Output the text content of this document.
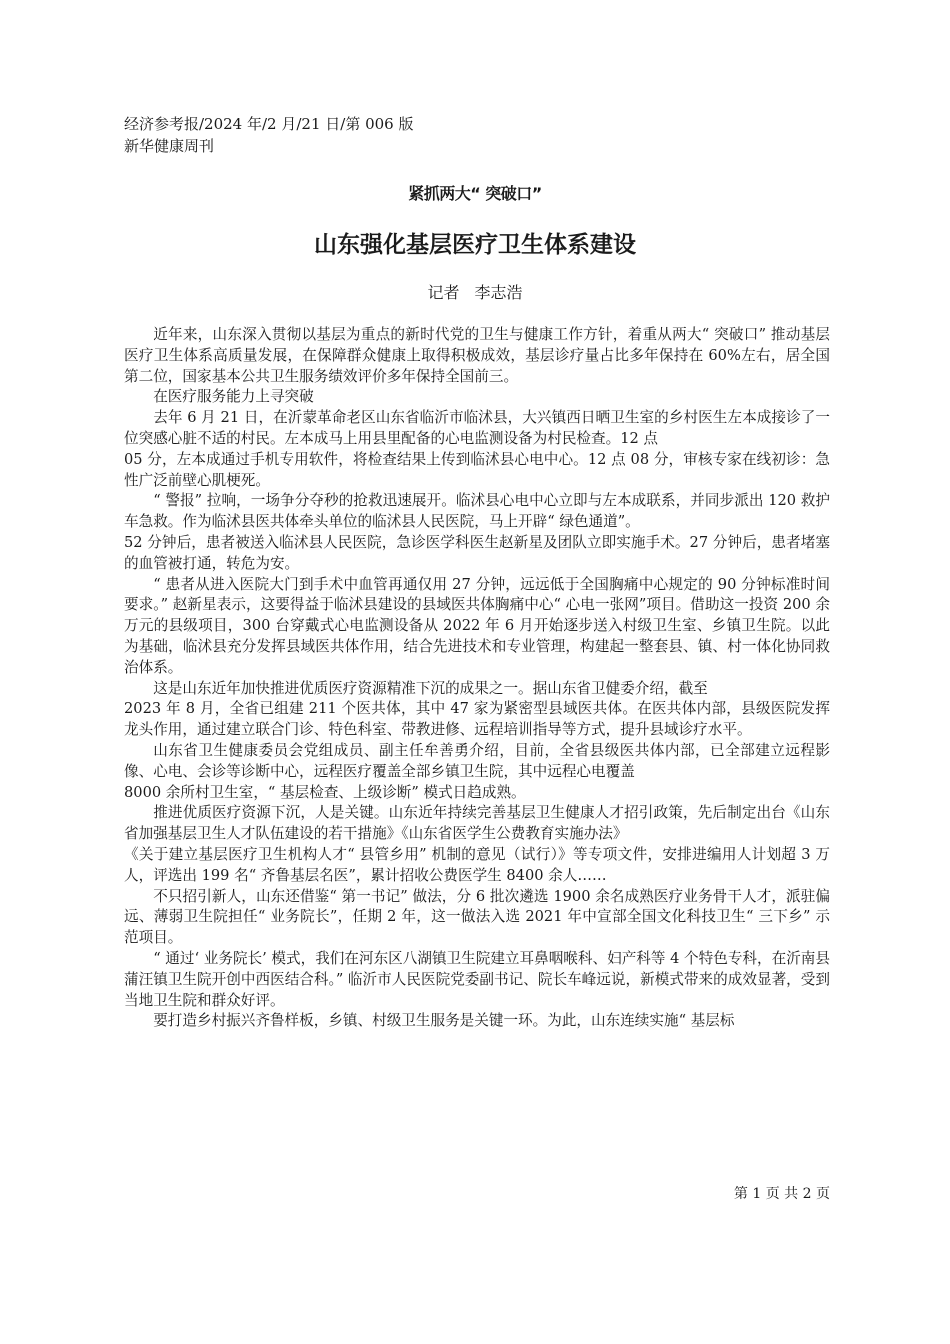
经济参考报/2024 年/2 月/21 日/第 006 版新华健康周刊
紧抓两大“ 突破口”
山东强化基层医疗卫生体系建设
记者 李志浩

近年来，山东深入贯彻以基层为重点的新时代党的卫生与健康工作方针，着重从两大“ 突破口” 推动基层医疗卫生体系高质量发展，在保障群众健康上取得积极成效，基层诊疗量占比多年保持在 60%左右，居全国第二位，国家基本公共卫生服务绩效评价多年保持全国前三。

在医疗服务能力上寻突破

去年 6 月 21 日，在沂蒙革命老区山东省临沂市临沭县，大兴镇西日晒卫生室的乡村医生左本成接诊了一位突感心脏不适的村民。左本成马上用县里配备的心电监测设备为村民检查。12 点

05 分，左本成通过手机专用软件，将检查结果上传到临沭县心电中心。12 点 08 分，审核专家在线初诊：急性广泛前壁心肌梗死。

“ 警报” 拉响，一场争分夺秒的抢救迅速展开。临沭县心电中心立即与左本成联系，并同步派出 120 救护车急救。作为临沭县医共体牵头单位的临沭县人民医院，马上开辟“ 绿色通道”。

52 分钟后，患者被送入临沭县人民医院，急诊医学科医生赵新星及团队立即实施手术。27 分钟后，患者堵塞的血管被打通，转危为安。

“ 患者从进入医院大门到手术中血管再通仅用 27 分钟，远远低于全国胸痛中心规定的 90 分钟标准时间要求。” 赵新星表示，这要得益于临沭县建设的县域医共体胸痛中心“ 心电一张网”项目。借助这一投资 200 余万元的县级项目，300 台穿戴式心电监测设备从 2022 年 6 月开始逐步送入村级卫生室、乡镇卫生院。以此为基础，临沭县充分发挥县域医共体作用，结合先进技术和专业管理，构建起一整套县、镇、村一体化协同救治体系。

这是山东近年加快推进优质医疗资源精准下沉的成果之一。据山东省卫健委介绍，截至

2023 年 8 月，全省已组建 211 个医共体，其中 47 家为紧密型县域医共体。在医共体内部，县级医院发挥龙头作用，通过建立联合门诊、特色科室、带教进修、远程培训指导等方式，提升县域诊疗水平。

山东省卫生健康委员会党组成员、副主任牟善勇介绍，目前，全省县级医共体内部，已全部建立远程影像、心电、会诊等诊断中心，远程医疗覆盖全部乡镇卫生院，其中远程心电覆盖

8000 余所村卫生室，“ 基层检查、上级诊断” 模式日趋成熟。

推进优质医疗资源下沉，人是关键。山东近年持续完善基层卫生健康人才招引政策，先后制定出台《山东省加强基层卫生人才队伍建设的若干措施》《山东省医学生公费教育实施办法》

《关于建立基层医疗卫生机构人才“ 县管乡用” 机制的意见（试行）》等专项文件，安排进编用人计划超 3 万人，评选出 199 名“ 齐鲁基层名医”，累计招收公费医学生 8400 余人……

不只招引新人，山东还借鉴“ 第一书记” 做法，分 6 批次遴选 1900 余名成熟医疗业务骨干人才，派驻偏远、薄弱卫生院担任“ 业务院长”，任期 2 年，这一做法入选 2021 年中宣部全国文化科技卫生“ 三下乡” 示范项目。

“ 通过‘ 业务院长’ 模式，我们在河东区八湖镇卫生院建立耳鼻咽喉科、妇产科等 4 个特色专科，在沂南县蒲汪镇卫生院开创中西医结合科。” 临沂市人民医院党委副书记、院长车峰远说，新模式带来的成效显著，受到当地卫生院和群众好评。

要打造乡村振兴齐鲁样板，乡镇、村级卫生服务是关键一环。为此，山东连续实施“ 基层标

第 1 页 共 2 页
